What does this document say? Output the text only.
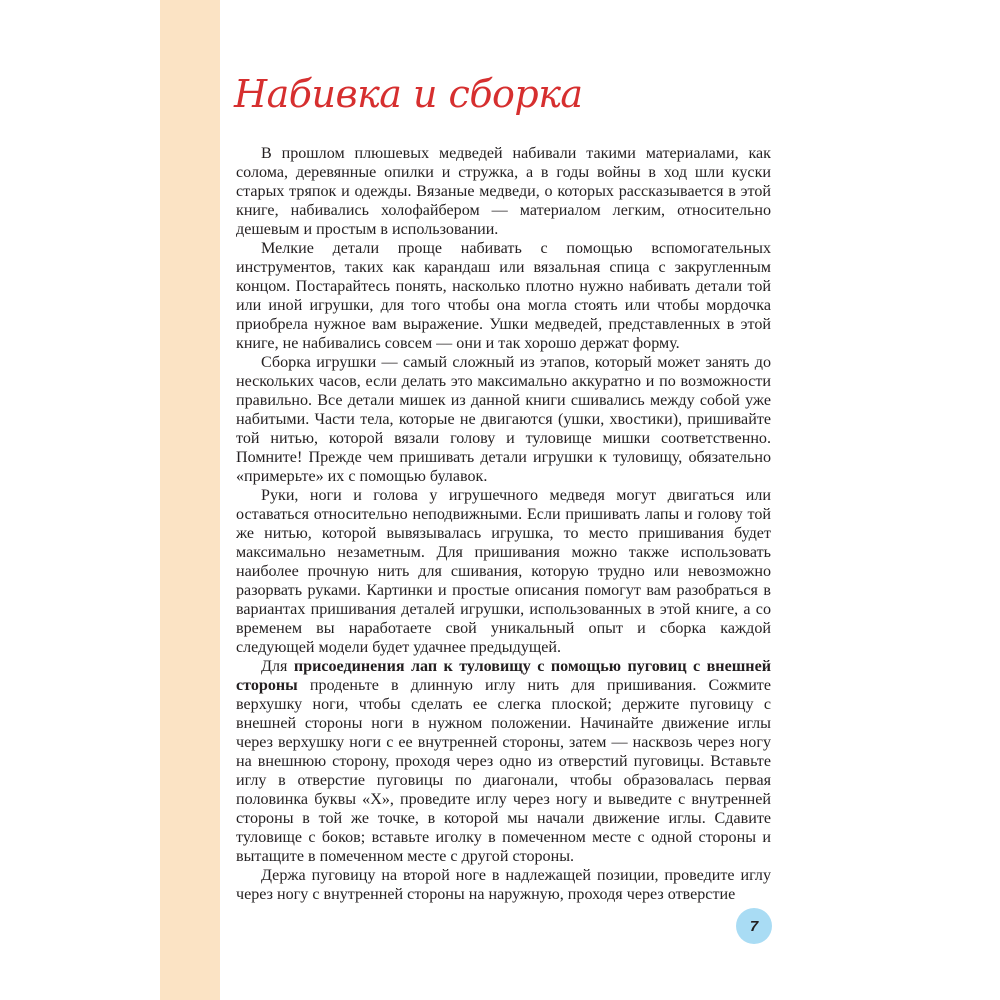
Набивка и сборка

В прошлом плюшевых медведей набивали такими материалами, как солома, деревянные опилки и стружка, а в годы войны в ход шли куски старых тряпок и одежды. Вязаные медведи, о которых рассказывается в этой книге, набивались холофайбером — материалом легким, относительно дешевым и простым в использовании.

Мелкие детали проще набивать с помощью вспомогательных инструментов, таких как карандаш или вязальная спица с закругленным концом. Постарайтесь понять, насколько плотно нужно набивать детали той или иной игрушки, для того чтобы она могла стоять или чтобы мордочка приобрела нужное вам выражение. Ушки медведей, представленных в этой книге, не набивались совсем — они и так хорошо держат форму.

Сборка игрушки — самый сложный из этапов, который может занять до нескольких часов, если делать это максимально аккуратно и по возможности правильно. Все детали мишек из данной книги сшивались между собой уже набитыми. Части тела, которые не двигаются (ушки, хвостики), пришивайте той нитью, которой вязали голову и туловище мишки соответственно. Помните! Прежде чем пришивать детали игрушки к туловищу, обязательно «примерьте» их с помощью булавок.

Руки, ноги и голова у игрушечного медведя могут двигаться или оставаться относительно неподвижными. Если пришивать лапы и голову той же нитью, которой вывязывалась игрушка, то место пришивания будет максимально незаметным. Для пришивания можно также использовать наиболее прочную нить для сшивания, которую трудно или невозможно разорвать руками. Картинки и простые описания помогут вам разобраться в вариантах пришивания деталей игрушки, использованных в этой книге, а со временем вы наработаете свой уникальный опыт и сборка каждой следующей модели будет удачнее предыдущей.

Для присоединения лап к туловищу с помощью пуговиц с внешней стороны проденьте в длинную иглу нить для пришивания. Сожмите верхушку ноги, чтобы сделать ее слегка плоской; держите пуговицу с внешней стороны ноги в нужном положении. Начинайте движение иглы через верхушку ноги с ее внутренней стороны, затем — насквозь через ногу на внешнюю сторону, проходя через одно из отверстий пуговицы. Вставьте иглу в отверстие пуговицы по диагонали, чтобы образовалась первая половинка буквы «Х», проведите иглу через ногу и выведите с внутренней стороны в той же точке, в которой мы начали движение иглы. Сдавите туловище с боков; вставьте иголку в помеченном месте с одной стороны и вытащите в помеченном месте с другой стороны.

Держа пуговицу на второй ноге в надлежащей позиции, проведите иглу через ногу с внутренней стороны на наружную, проходя через отверстие

7
